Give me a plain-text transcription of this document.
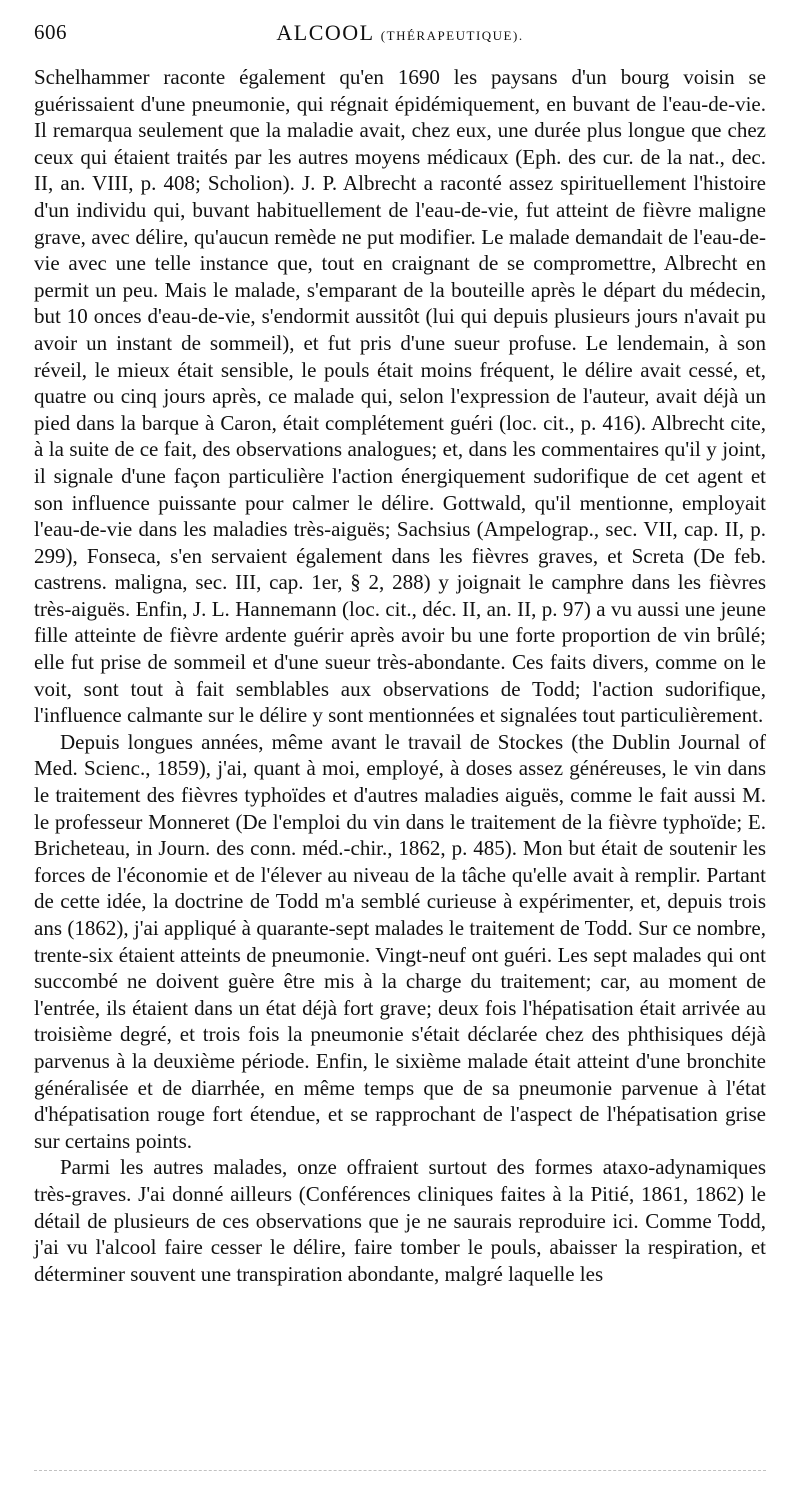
606	ALCOOL (THÉRAPEUTIQUE).

Schelhammer raconte également qu'en 1690 les paysans d'un bourg voisin se guérissaient d'une pneumonie, qui régnait épidémiquement, en buvant de l'eau-de-vie. Il remarqua seulement que la maladie avait, chez eux, une durée plus longue que chez ceux qui étaient traités par les autres moyens médicaux (Eph. des cur. de la nat., dec. II, an. VIII, p. 408; Scholion). J. P. Albrecht a raconté assez spirituellement l'histoire d'un individu qui, buvant habituellement de l'eau-de-vie, fut atteint de fièvre maligne grave, avec délire, qu'aucun remède ne put modifier. Le malade demandait de l'eau-de-vie avec une telle instance que, tout en craignant de se compromettre, Albrecht en permit un peu. Mais le malade, s'emparant de la bouteille après le départ du médecin, but 10 onces d'eau-de-vie, s'endormit aussitôt (lui qui depuis plusieurs jours n'avait pu avoir un instant de sommeil), et fut pris d'une sueur profuse. Le lendemain, à son réveil, le mieux était sensible, le pouls était moins fréquent, le délire avait cessé, et, quatre ou cinq jours après, ce malade qui, selon l'expression de l'auteur, avait déjà un pied dans la barque à Caron, était complétement guéri (loc. cit., p. 416). Albrecht cite, à la suite de ce fait, des observations analogues; et, dans les commentaires qu'il y joint, il signale d'une façon particulière l'action énergiquement sudorifique de cet agent et son influence puissante pour calmer le délire. Gottwald, qu'il mentionne, employait l'eau-de-vie dans les maladies très-aiguës; Sachsius (Ampelograp., sec. VII, cap. II, p. 299), Fonseca, s'en servaient également dans les fièvres graves, et Screta (De feb. castrens. maligna, sec. III, cap. 1er, § 2, 288) y joignait le camphre dans les fièvres très-aiguës. Enfin, J. L. Hannemann (loc. cit., déc. II, an. II, p. 97) a vu aussi une jeune fille atteinte de fièvre ardente guérir après avoir bu une forte proportion de vin brûlé; elle fut prise de sommeil et d'une sueur très-abondante. Ces faits divers, comme on le voit, sont tout à fait semblables aux observations de Todd; l'action sudorifique, l'influence calmante sur le délire y sont mentionnées et signalées tout particulièrement.

Depuis longues années, même avant le travail de Stockes (the Dublin Journal of Med. Scienc., 1859), j'ai, quant à moi, employé, à doses assez généreuses, le vin dans le traitement des fièvres typhoïdes et d'autres maladies aiguës, comme le fait aussi M. le professeur Monneret (De l'emploi du vin dans le traitement de la fièvre typhoïde; E. Bricheteau, in Journ. des conn. méd.-chir., 1862, p. 485). Mon but était de soutenir les forces de l'économie et de l'élever au niveau de la tâche qu'elle avait à remplir. Partant de cette idée, la doctrine de Todd m'a semblé curieuse à expérimenter, et, depuis trois ans (1862), j'ai appliqué à quarante-sept malades le traitement de Todd. Sur ce nombre, trente-six étaient atteints de pneumonie. Vingt-neuf ont guéri. Les sept malades qui ont succombé ne doivent guère être mis à la charge du traitement; car, au moment de l'entrée, ils étaient dans un état déjà fort grave; deux fois l'hépatisation était arrivée au troisième degré, et trois fois la pneumonie s'était déclarée chez des phthisiques déjà parvenus à la deuxième période. Enfin, le sixième malade était atteint d'une bronchite généralisée et de diarrhée, en même temps que de sa pneumonie parvenue à l'état d'hépatisation rouge fort étendue, et se rapprochant de l'aspect de l'hépatisation grise sur certains points.

Parmi les autres malades, onze offraient surtout des formes ataxo-adynamiques très-graves. J'ai donné ailleurs (Conférences cliniques faites à la Pitié, 1861, 1862) le détail de plusieurs de ces observations que je ne saurais reproduire ici. Comme Todd, j'ai vu l'alcool faire cesser le délire, faire tomber le pouls, abaisser la respiration, et déterminer souvent une transpiration abondante, malgré laquelle les
